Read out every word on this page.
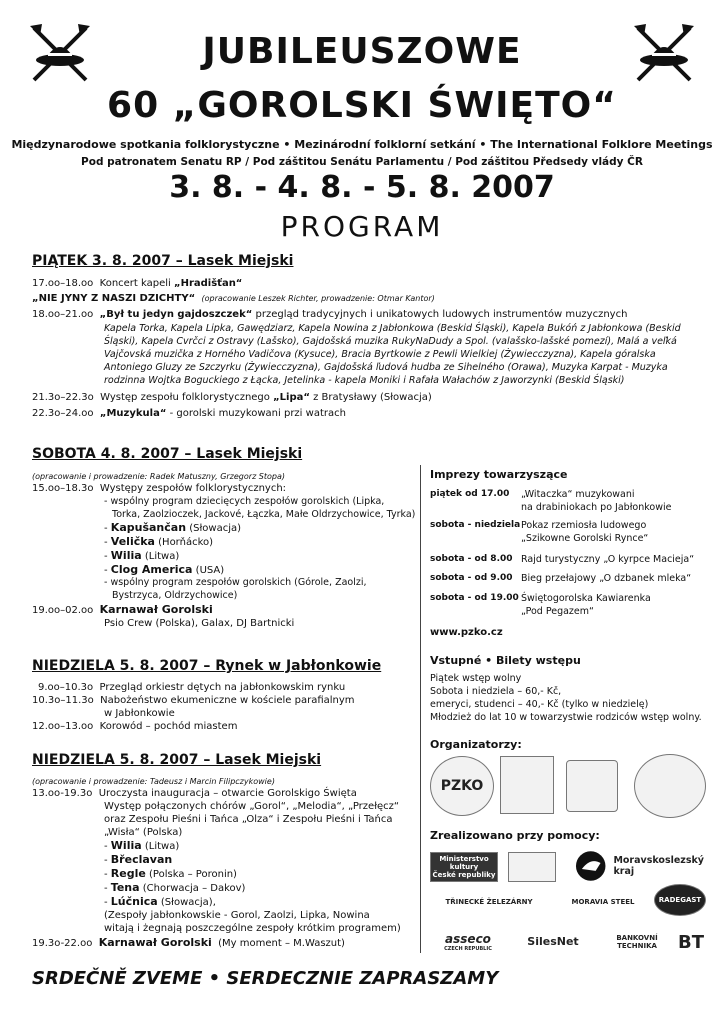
JUBILEUSZOWE
60 „GOROLSKI ŚWIĘTO“
Międzynarodowe spotkania folklorystyczne • Mezinárodní folklorní setkání • The International Folklore Meetings
Pod patronatem Senatu RP / Pod záštitou Senátu Parlamentu / Pod záštitou Předsedy vlády ČR
3. 8. - 4. 8. - 5. 8. 2007
PROGRAM
PIĄTEK 3. 8. 2007 – Lasek Miejski
17.oo–18.oo Koncert kapeli „Hradišťan“
„NIE JYNY Z NASZI DZICHTY“ (opracowanie Leszek Richter, prowadzenie: Otmar Kantor)
18.oo–21.oo „Był tu jedyn gajdoszczek“ przegląd tradycyjnych i unikatowych ludowych instrumentów muzycznych
Kapela Torka, Kapela Lipka, Gawędziarz, Kapela Nowina z Jabłonkowa (Beskid Śląski), Kapela Bukóń z Jabłonkowa (Beskid Śląski), Kapela Cvrčci z Ostravy (Lašsko), Gajdošská muzika RukyNaDudy a Spol. (valašsko-lašské pomezí), Malá a veľká Vajčovská muzička z Horného Vadičova (Kysuce), Bracia Byrtkowie z Pewli Wielkiej (Żywiecczyzna), Kapela góralska Antoniego Gluzy ze Szczyrku (Żywiecczyzna), Gajdošská ľudová hudba ze Sihelného (Orawa), Muzyka Karpat - Muzyka rodzinna Wojtka Boguckiego z Łącka, Jetelinka - kapela Moniki i Rafała Wałachów z Jaworzynki (Beskid Śląski)
21.3o–22.3o Występ zespołu folklorystycznego „Lipa“ z Bratysławy (Słowacja)
22.3o–24.oo „Muzykula“ - gorolski muzykowani przi watrach
SOBOTA 4. 8. 2007 – Lasek Miejski
(opracowanie i prowadzenie: Radek Matuszny, Grzegorz Stopa)
15.oo–18.3o Występy zespołów folklorystycznych:
- wspólny program dziecięcych zespołów gorolskich (Lipka,
Torka, Zaolzioczek, Jackové, Łączka, Małe Oldrzychowice, Tyrka)
- Kapušančan (Słowacja)
- Velička (Horňácko)
- Wilia (Litwa)
- Clog America (USA)
- wspólny program zespołów gorolskich (Górole, Zaolzi,
Bystrzyca, Oldrzychowice)
19.oo–02.oo Karnawał Gorolski
Psio Crew (Polska), Galax, DJ Bartnicki
NIEDZIELA 5. 8. 2007 – Rynek w Jabłonkowie
9.oo–10.3o Przegląd orkiestr dętych na jabłonkowskim rynku
10.3o–11.3o Nabożeństwo ekumeniczne w kościele parafialnym
w Jabłonkowie
12.oo–13.oo Korowód – pochód miastem
NIEDZIELA 5. 8. 2007 – Lasek Miejski
(opracowanie i prowadzenie: Tadeusz i Marcin Filipczykowie)
13.oo-19.3o Uroczysta inauguracja – otwarcie Gorolskigo Święta
Występ połączonych chórów „Gorol“, „Melodia“, „Przełęcz“
oraz Zespołu Pieśni i Tańca „Olza“ i Zespołu Pieśni i Tańca
„Wisła“ (Polska)
- Wilia (Litwa)
- Břeclavan
- Regle (Polska – Poronin)
- Tena (Chorwacja – Dakov)
- Lúčnica (Słowacja),
(Zespoły jabłonkowskie - Gorol, Zaolzi, Lipka, Nowina
witają i żegnają poszczególne zespoły krótkim programem)
19.3o-22.oo Karnawał Gorolski (My moment – M.Waszut)
Imprezy towarzyszące
piątek od 17.00 „Witaczka“ muzykowani
na drabiniokach po Jabłonkowie
sobota - niedziela Pokaz rzemiosła ludowego
„Szikowne Gorolski Rynce“
sobota - od 8.00 Rajd turystyczny „O kyrpce Macieja“
sobota - od 9.00 Bieg przełajowy „O dzbanek mleka“
sobota - od 19.00 Świętogorolska Kawiarenka
„Pod Pegazem“
www.pzko.cz
Vstupné • Bilety wstępu
Piątek wstęp wolny
Sobota i niedziela – 60,- Kč,
emeryci, studenci – 40,- Kč (tylko w niedzielę)
Młodzież do lat 10 w towarzystwie rodziców wstęp wolny.
Organizatorzy:
PZKO
Zrealizowano przy pomocy:
Ministerstvo kultury
České republiky
Moravskoslezský
kraj
TŘINECKÉ ŽELEZÁRNY	MORAVIA STEEL	RADEGAST
asseco
CZECH REPUBLIC
SilesNet	BANKOVNÍ TECHNIKA	BT
SRDEČNĚ ZVEME • SERDECZNIE ZAPRASZAMY
